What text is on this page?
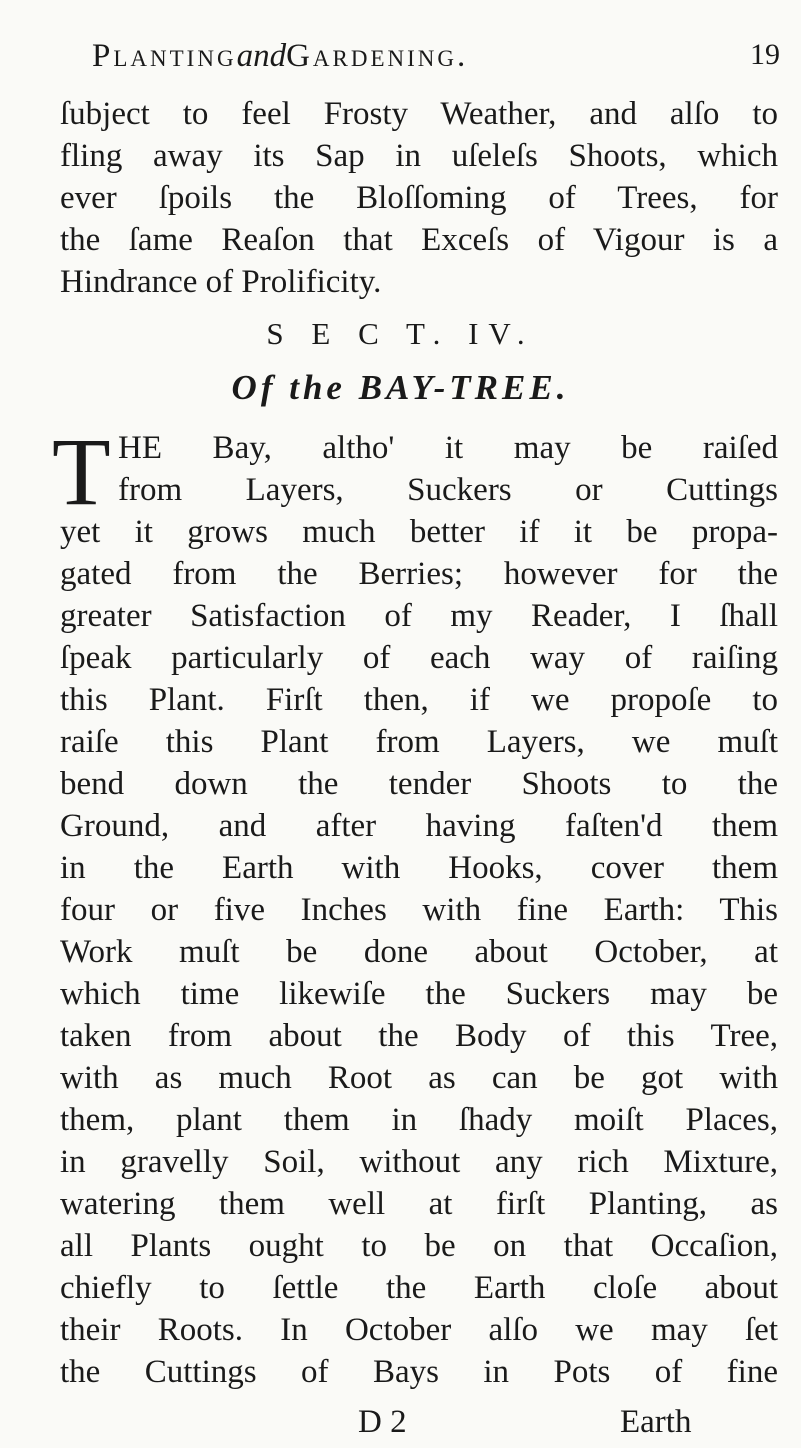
PlantingandGardening.	19
ſubject to feel Frosty Weather, and alſo to
fling away its Sap in uſeleſs Shoots, which
ever ſpoils the Bloſſoming of Trees, for
the ſame Reaſon that Exceſs of Vigour is a
Hindrance of Prolificity.
S E C T. IV.
Of the BAY-TREE.
T HE Bay, altho' it may be raiſed
from Layers, Suckers or Cuttings
yet it grows much better if it be propa-
gated from the Berries; however for the
greater Satisfaction of my Reader, I ſhall
ſpeak particularly of each way of raiſing
this Plant. Firſt then, if we propoſe to
raiſe this Plant from Layers, we muſt
bend down the tender Shoots to the
Ground, and after having faſten'd them
in the Earth with Hooks, cover them
four or five Inches with fine Earth: This
Work muſt be done about October, at
which time likewiſe the Suckers may be
taken from about the Body of this Tree,
with as much Root as can be got with
them, plant them in ſhady moiſt Places,
in gravelly Soil, without any rich Mixture,
watering them well at firſt Planting, as
all Plants ought to be on that Occaſion,
chiefly to ſettle the Earth cloſe about
their Roots. In October alſo we may ſet
the Cuttings of Bays in Pots of fine
D 2	Earth
